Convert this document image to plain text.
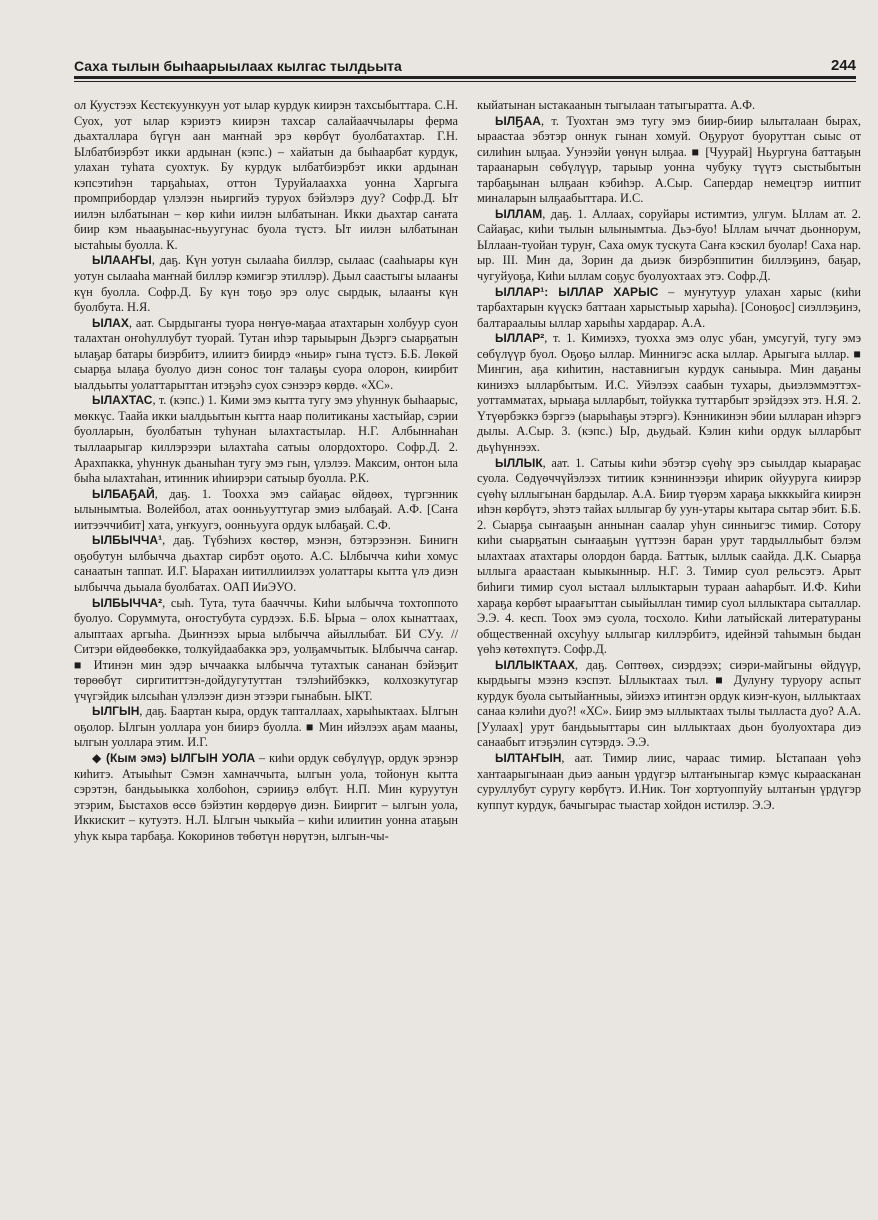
Саха тылын быhаарыылаах кылгас тылдьыта	244

ол Куустээх Кєстєкуункуун уот ылар курдук киирэн тахсыбыттара. С.Н. Суох, уот ылар кэриэтэ киирэн тахсар салайааччылары ферма дьахталлара бүгүн аан маҥнай эрэ көрбүт буолбатахтар. Г.Н. Ылбатбиэрбэт икки ардынан (кэпс.) – хайатын да быhаарбат курдук, улахан туhата суохтук. Бу курдук ылбатбиэрбэт икки ардынан кэпсэтиhэн тарҕаhыах, оттон Туруйалаахха уонна Харгыга промприбордар үлэлээн ньиргийэ туруох бэйэлэрэ дуу? Софр.Д. Ыт иилэн ылбатынан – көр киhи иилэн ылбатынан. Икки дьахтар саҥата биир кэм ньааҕынас-ньуугунас буола түстэ. Ыт иилэн ылбатынан ыстаhыы буолла. К.

ЫЛААҤЫ, даҕ. Күн уотун сылааhа биллэр, сылаас (сааhыары күн уотун сылааhа маҥнай биллэр кэмигэр этиллэр). Дьыл саастыгы ылааҥы күн буолла. Софр.Д. Бу күн тоҕо эрэ олус сырдык, ылааҥы күн буолбута. Н.Я.

ЫЛАХ, аат. Сырдыгаҥы туора нөҥүө-маҕаа атахтарын холбуур суон талахтан оҥоhуллубут туорай. Тутан иhэр тарыырын Дьэргэ сыарҕатын ылаҕар батары биэрбитэ, илиитэ биирдэ «ньир» гына түстэ. Б.Б. Лөкөй сыарҕа ылаҕа буолуо диэн сонос тоҥ талаҕы суора олорон, киирбит ыалдьыты уолаттарыттан итэҕэhэ суох сэнээрэ көрдө. «ХС».

ЫЛАХТАС, т. (кэпс.) 1. Кими эмэ кытта тугу эмэ уhуннук быhаарыс, мөккүс. Таайа икки ыалдьытын кытта наар политиканы хастыйар, сэрии буолларын, буолбатын туhунан ылахтастылар. Н.Г. Албыннаhан тыллаарыгар киллэрээри ылахтаhа сатыы олордохторо. Софр.Д. 2. Арахпакка, уhуннук дьаныhан тугу эмэ гын, үлэлээ. Максим, онтон ыла быhа ылахтаhан, итинник иhиирэри сатыыр буолла. Р.К.

ЫЛБАҔАЙ, даҕ. 1. Тоохха эмэ сайаҕас өйдөөх, түргэнник ылынымтыа. Волейбол, атах оонньууттугар эмиэ ылбаҕай. А.Ф. [Саҥа иитээччибит] хата, уҥкуугэ, оонньууга ордук ылбаҕай. С.Ф.

ЫЛБЫЧЧА¹, даҕ. Түбэhиэх көстөр, мэнэн, бэтэрээнэн. Бинигн оҕобутун ылбычча дьахтар сирбэт оҕото. А.С. Ылбычча киhи хомус санаатын таппат. И.Г. Ыарахан иитиллиилээх уолаттары кытта үлэ диэн ылбычча дьыала буолбатах. ОАП ИиЭУО.

ЫЛБЫЧЧА², сыh. Тута, тута баачччы. Киhи ылбычча тохтоппото буолуо. Соруммута, оҥостубута сурдээх. Б.Б. Ырыа – олох кынаттаах, алыптаах аргыhа. Дьиҥнээх ырыа ылбычча айыллыбат. БИ СУу. // Ситэри өйдөөбөккө, толкуйдаабакка эрэ, уолҕамчытык. Ылбычча саҥар. ■ Итинэн мин эдэр ыччаакка ылбычча тутахтык сананан бэйэҕит төрөөбүт сиргититтэн-дойдугутуттан тэлэhийбэккэ, колхозкутугар үчүгэйдик ылсыhан үлэлээҥ диэн этээри гынабын. ЫКТ.

ЫЛГЫН, даҕ. Баартан кыра, ордук тапталлаах, харыhыктаах. Ылгын оҕолор. Ылгын уоллара уон биирэ буолла. ■ Мин ийэлээх аҕам мааны, ылгын уоллара этим. И.Г.

◆ (Кым эмэ) ЫЛГЫН УОЛА – киhи ордук сөбүлүүр, ордук эрэнэр киhитэ. Атыыhыт Сэмэн хамначчыта, ылгын уола, тойонун кытта сэрэтэн, бандьыыкка холбоhон, сэрииҕэ өлбүт. Н.П. Мин куруутун этэрим, Быстахов өссө бэйэтин көрдөрүө диэн. Бииргит – ылгын уола, Иккискит – кутуэтэ. Н.Л. Ылгын чыкыйа – киhи илиитин уонна атаҕын уhук кыра тарбаҕа. Кокоринов төбөтүн нөрүтэн, ылгын-чы-

кыйатынан ыстакаанын тыгылаан татыгыратта. А.Ф.

ЫЛҔАА, т. Туохтан эмэ тугу эмэ биир-биир ылыталаан быраx, ыраастаа эбэтэр оннук гынан хомуй. Оҕуруот буоруттан сыыс от силиhин ылҕаа. Уунээйи үөнүн ылҕаа. ■ [Чуурай] Ньургуна баттаҕын тараанарын сөбүлүүр, тарыыр уонна чубуку түүтэ сыстыбытын тарбаҕынан ылҕаан кэбиhэр. А.Сыр. Сапердар немецтэр иитпит миналарын ылҕаабыттара. И.С.

ЫЛЛАМ, даҕ. 1. Аллаах, соруйары истимтиэ, улгум. Ыллам ат. 2. Сайаҕас, киhи тылын ылынымтыа. Дьэ-буо! Ыллам ыччат дьоннорум, Ыллаан-туойан туруҥ, Саха омук тускута Саҥа кэскил буолар! Саха нар. ыр. III. Мин да, Зорин да дьиэк биэрбэппитин биллэҕинэ, баҕар, чугуйуоҕа, Киhи ыллам соҕус буолуохтаах этэ. Софр.Д.

ЫЛЛАР¹: ЫЛЛАР ХАРЫС – муҥутуур улахан харыс (киhи тарбахтарын күүскэ баттаан харыстыыр харыhа). [Соноҕос] сиэллэҕинэ, балтараалыы ыллар харыhы хардарар. А.А.

ЫЛЛАР², т. 1. Кимиэхэ, туохха эмэ олус убан, умсугуй, тугу эмэ сөбүлүүр буол. Оҕоҕо ыллар. Миннигэс аска ыллар. Арыгыга ыллар. ■ Мингин, аҕа киhитин, наставнигын курдук саныыра. Мин даҕаны киниэхэ ылларбытым. И.С. Уйэлээх саабын тухары, дьиэлэммэттэх-уоттамматах, ырыаҕа ылларбыт, тойукка туттарбыт эрэйдээх этэ. Н.Я. 2. Үтүөрбэккэ бэргээ (ыарыhаҕы этэргэ). Кэнникинэн эбии ылларан иhэргэ дылы. А.Сыр. 3. (кэпс.) Ыр, дьудьай. Кэлин киhи ордук ылларбыт дьүhүннээх.

ЫЛЛЫК, аат. 1. Сатыы киhи эбэтэр сүөhү эрэ сыылдар кыараҕас суола. Сөдүөччүйэлээх титиик кэнниннээҕи иhирик ойууруга киирэр сүөhү ыллыгынан бардылар. А.А. Биир түөрэм хараҕа ыкккыйга киирэн иhэн көрбүтэ, эhэтэ тайах ыллыгар бу уун-утары кытара сытар эбит. Б.Б. 2. Сыарҕа сыҥааҕын аннынан саалар уhун синньигэс тимир. Сотору киhи сыарҕатын сыҥааҕын үүттээн баран урут тардыллыбыт бэлэм ылахтаах атахтары олордон барда. Баттык, ыллык саайда. Д.К. Сыарҕа ыллыга араастаан кыыкынныр. Н.Г. 3. Тимир суол рельсэтэ. Арыт биhиги тимир суол ыстаал ыллыктарын тураан ааhарбыт. И.Ф. Киhи хараҕа көрбөт ыраағыттан сыыйыллан тимир суол ыллыктара сыталлар. Э.Э. 4. кесп. Тоох эмэ суола, тосхоло. Киhи латыйскай литератураны общественнай охсуhуу ыллыгар киллэрбитэ, идейнэй таhымын быдан үөhэ көтөхпүтэ. Софр.Д.

ЫЛЛЫКТААХ, даҕ. Сөптөөх, сиэрдээх; сиэри-майгыны өйдүүр, кырдьыгы мээнэ кэспэт. Ыллыктаах тыл. ■ Дулуҥу туруору аспыт курдук буола сытыйаҥныы, эйиэхэ итинтэн ордук киэҥ-куон, ыллыктаах санаа кэлиhи дуо?! «ХС». Биир эмэ ыллыктаах тылы тылласта дуо? А.А. [Уулаах] урут бандьыыттары син ыллыктаах дьон буолуохтара диэ санаабыт итэҕэлин сүтэрдэ. Э.Э.

ЫЛТАҤЫН, аат. Тимир лиис, чараас тимир. Ыстапаан үөhэ хантаарыгынаан дьиэ аанын үрдүгэр ылтаҥыныгар кэмүс кыраасканан суруллубут суругу көрбүтэ. И.Ник. Тоҥ хортуоппуйу ылтаҥын үрдүгэр куппут курдук, бачыгырас тыастар хойдон истилэр. Э.Э.
